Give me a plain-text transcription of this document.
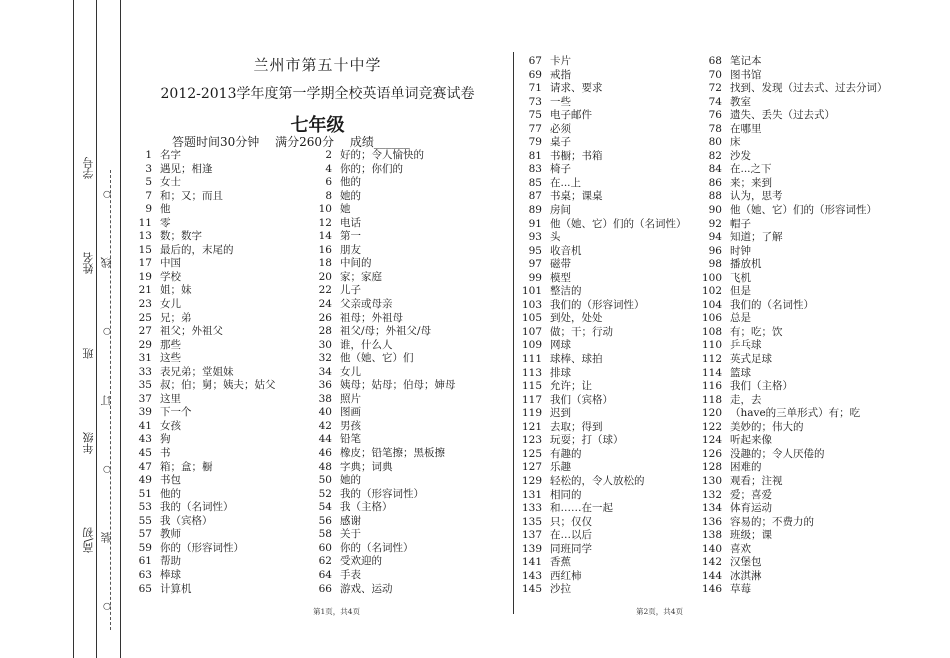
高\初
年级
班
姓名
学号
○
装
○
订
○
线
○
兰州市第五十中学
2012-2013学年度第一学期全校英语单词竞赛试卷
七年级
答题时间30分钟 满分260分 成绩______
1 名字
3 遇见；相逢
5 女士
7 和；又；而且
9 他
11 零
13 数；数字
15 最后的，末尾的
17 中国
19 学校
21 姐；妹
23 女儿
25 兄；弟
27 祖父；外祖父
29 那些
31 这些
33 表兄弟；堂姐妹
35 叔；伯；舅；姨夫；姑父
37 这里
39 下一个
41 女孩
43 狗
45 书
47 箱；盒；橱
49 书包
51 他的
53 我的（名词性）
55 我（宾格）
57 教师
59 你的（形容词性）
61 帮助
63 棒球
65 计算机
2 好的；令人愉快的
4 你的；你们的
6 他的
8 她的
10 她
12 电话
14 第一
16 朋友
18 中间的
20 家；家庭
22 儿子
24 父亲或母亲
26 祖母；外祖母
28 祖父/母；外祖父/母
30 谁，什么人
32 他（她、它）们
34 女儿
36 姨母；姑母；伯母；婶母
38 照片
40 图画
42 男孩
44 铅笔
46 橡皮；铅笔擦；黑板擦
48 字典；词典
50 她的
52 我的（形容词性）
54 我（主格）
56 感谢
58 关于
60 你的（名词性）
62 受欢迎的
64 手表
66 游戏、运动
67 卡片
69 戒指
71 请求、要求
73 一些
75 电子邮件
77 必须
79 桌子
81 书橱；书箱
83 椅子
85 在...上
87 书桌；课桌
89 房间
91 他（她、它）们的（名词性）
93 头
95 收音机
97 磁带
99 模型
101 整洁的
103 我们的（形容词性）
105 到处，处处
107 做；干；行动
109 网球
111 球棒、球拍
113 排球
115 允许；让
117 我们（宾格）
119 迟到
121 去取；得到
123 玩耍；打（球）
125 有趣的
127 乐趣
129 轻松的，令人放松的
131 相同的
133 和……在一起
135 只；仅仅
137 在…以后
139 同班同学
141 香蕉
143 西红柿
145 沙拉
68 笔记本
70 图书馆
72 找到、发现（过去式、过去分词）
74 教室
76 遗失、丢失（过去式）
78 在哪里
80 床
82 沙发
84 在...之下
86 来；来到
88 认为，思考
90 他（她、它）们的（形容词性）
92 帽子
94 知道；了解
96 时钟
98 播放机
100 飞机
102 但是
104 我们的（名词性）
106 总是
108 有；吃；饮
110 乒乓球
112 英式足球
114 篮球
116 我们（主格）
118 走，去
120 （have的三单形式）有；吃
122 美妙的；伟大的
124 听起来像
126 没趣的；令人厌倦的
128 困难的
130 观看；注视
132 爱；喜爱
134 体育运动
136 容易的；不费力的
138 班级；课
140 喜欢
142 汉堡包
144 冰淇淋
146 草莓
第1页，共4页	第2页，共4页
